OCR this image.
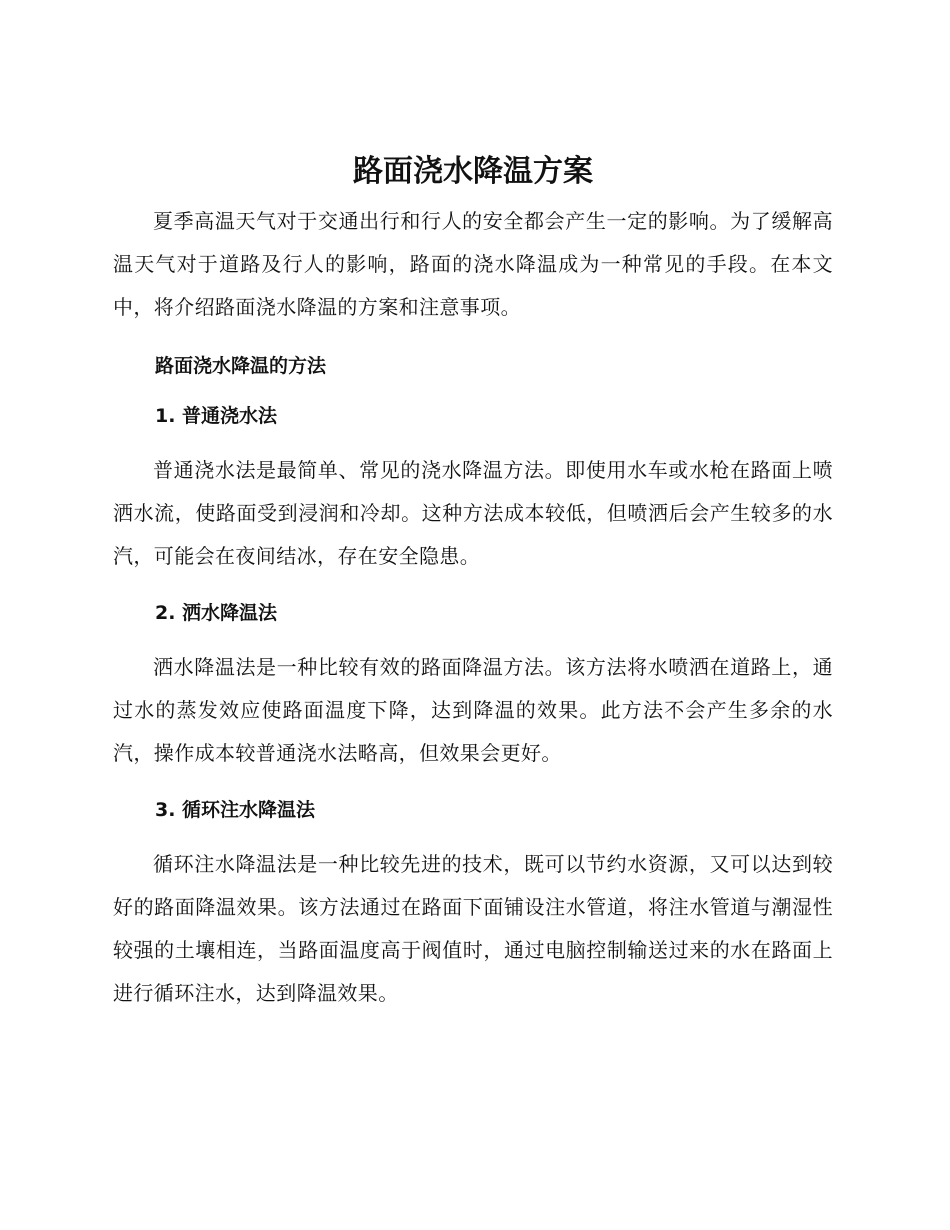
路面浇水降温方案

夏季高温天气对于交通出行和行人的安全都会产生一定的影响。为了缓解高温天气对于道路及行人的影响，路面的浇水降温成为一种常见的手段。在本文中，将介绍路面浇水降温的方案和注意事项。

路面浇水降温的方法
1. 普通浇水法

普通浇水法是最简单、常见的浇水降温方法。即使用水车或水枪在路面上喷洒水流，使路面受到浸润和冷却。这种方法成本较低，但喷洒后会产生较多的水汽，可能会在夜间结冰，存在安全隐患。

2. 洒水降温法

洒水降温法是一种比较有效的路面降温方法。该方法将水喷洒在道路上，通过水的蒸发效应使路面温度下降，达到降温的效果。此方法不会产生多余的水汽，操作成本较普通浇水法略高，但效果会更好。

3. 循环注水降温法

循环注水降温法是一种比较先进的技术，既可以节约水资源，又可以达到较好的路面降温效果。该方法通过在路面下面铺设注水管道，将注水管道与潮湿性较强的土壤相连，当路面温度高于阀值时，通过电脑控制输送过来的水在路面上进行循环注水，达到降温效果。
